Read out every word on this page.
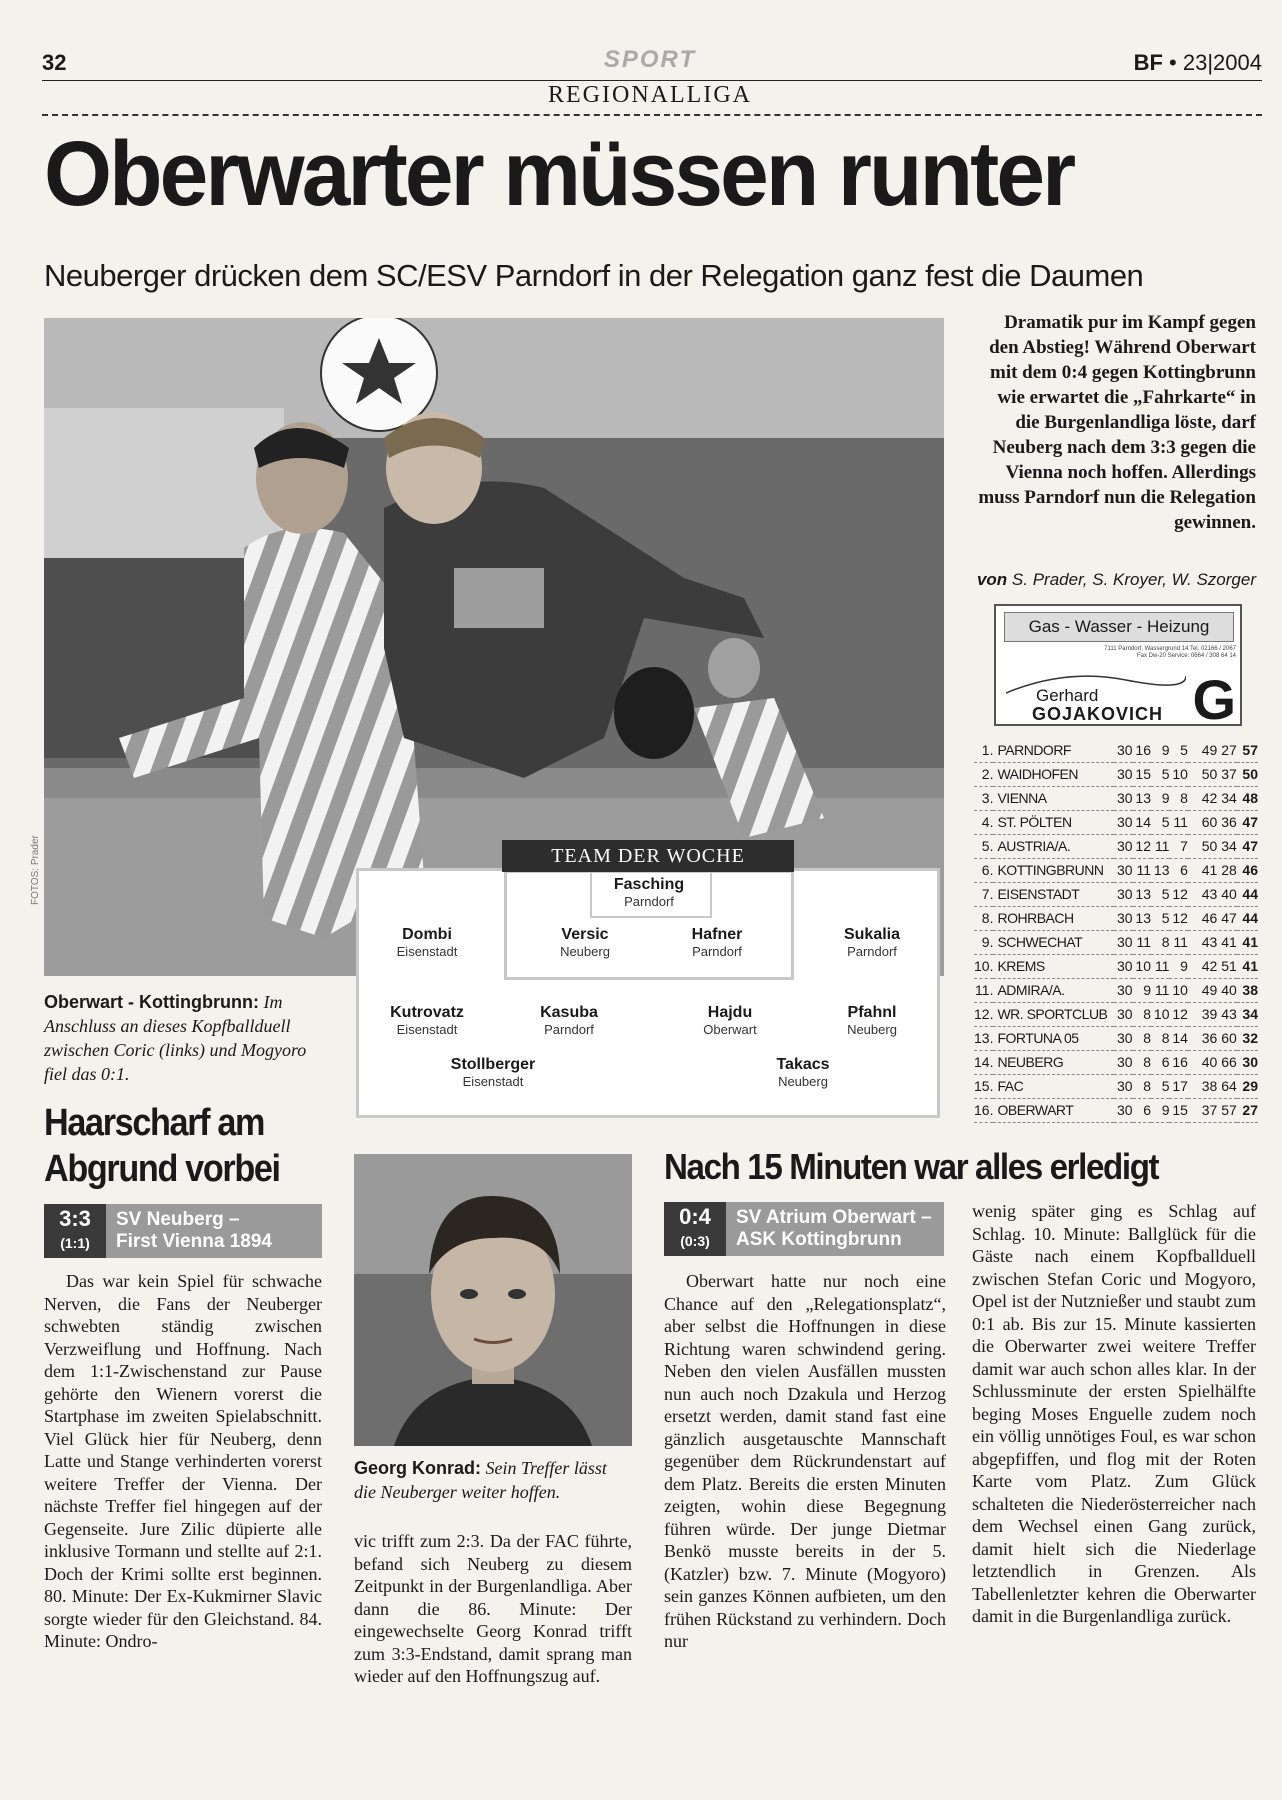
32	SPORT	BF • 23|2004
REGIONALLIGA
Oberwarter müssen runter
Neuberger drücken dem SC/ESV Parndorf in der Relegation ganz fest die Daumen
FOTOS: Prader
Oberwart - Kottingbrunn: Im Anschluss an dieses Kopfballduell zwischen Coric (links) und Mogyoro fiel das 0:1.
Dramatik pur im Kampf gegen den Abstieg! Während Oberwart mit dem 0:4 gegen Kottingbrunn wie erwartet die „Fahrkarte“ in die Burgenlandliga löste, darf Neuberg nach dem 3:3 gegen die Vienna noch hoffen. Allerdings muss Parndorf nun die Relegation gewinnen.
von S. Prader, S. Kroyer, W. Szorger
Gas - Wasser - Heizung
7111 Parndorf, Wassergrund 14 Tel. 02166 / 2067 Fax Dw-20 Service: 0664 / 308 64 14
Gerhard
GOJAKOVICH G
1.	PARNDORF	30	16	9	5	49 27	57
2.	WAIDHOFEN	30	15	5	10	50 37	50
3.	VIENNA	30	13	9	8	42 34	48
4.	ST. PÖLTEN	30	14	5	11	60 36	47
5.	AUSTRIA/A.	30	12	11	7	50 34	47
6.	KOTTINGBRUNN	30	11	13	6	41 28	46
7.	EISENSTADT	30	13	5	12	43 40	44
8.	ROHRBACH	30	13	5	12	46 47	44
9.	SCHWECHAT	30	11	8	11	43 41	41
10.	KREMS	30	10	11	9	42 51	41
11.	ADMIRA/A.	30	9	11	10	49 40	38
12.	WR. SPORTCLUB	30	8	10	12	39 43	34
13.	FORTUNA 05	30	8	8	14	36 60	32
14.	NEUBERG	30	8	6	16	40 66	30
15.	FAC	30	8	5	17	38 64	29
16.	OBERWART	30	6	9	15	37 57	27
TEAM DER WOCHE
Fasching
Parndorf
Dombi
Eisenstadt
Versic
Neuberg
Hafner
Parndorf
Sukalia
Parndorf
Kutrovatz
Eisenstadt
Kasuba
Parndorf
Hajdu
Oberwart
Pfahnl
Neuberg
Stollberger
Eisenstadt
Takacs
Neuberg
Haarscharf am Abgrund vorbei
3:3
(1:1)
SV Neuberg –
First Vienna 1894

Das war kein Spiel für schwache Nerven, die Fans der Neuberger schwebten ständig zwischen Verzweiflung und Hoffnung. Nach dem 1:1-Zwischenstand zur Pause gehörte den Wienern vorerst die Startphase im zweiten Spielabschnitt. Viel Glück hier für Neuberg, denn Latte und Stange verhinderten vorerst weitere Treffer der Vienna. Der nächste Treffer fiel hingegen auf der Gegenseite. Jure Zilic düpierte alle inklusive Tormann und stellte auf 2:1. Doch der Krimi sollte erst beginnen. 80. Minute: Der Ex-Kukmirner Slavic sorgte wieder für den Gleichstand. 84. Minute: Ondro-

Georg Konrad: Sein Treffer lässt die Neuberger weiter hoffen.

vic trifft zum 2:3. Da der FAC führte, befand sich Neuberg zu diesem Zeitpunkt in der Burgenlandliga. Aber dann die 86. Minute: Der eingewechselte Georg Konrad trifft zum 3:3-Endstand, damit sprang man wieder auf den Hoffnungszug auf.

Nach 15 Minuten war alles erledigt
0:4
(0:3)
SV Atrium Oberwart –
ASK Kottingbrunn

Oberwart hatte nur noch eine Chance auf den „Relegationsplatz“, aber selbst die Hoffnungen in diese Richtung waren schwindend gering. Neben den vielen Ausfällen mussten nun auch noch Dzakula und Herzog ersetzt werden, damit stand fast eine gänzlich ausgetauschte Mannschaft gegenüber dem Rückrundenstart auf dem Platz. Bereits die ersten Minuten zeigten, wohin diese Begegnung führen würde. Der junge Dietmar Benkö musste bereits in der 5. (Katzler) bzw. 7. Minute (Mogyoro) sein ganzes Können aufbieten, um den frühen Rückstand zu verhindern. Doch nur

wenig später ging es Schlag auf Schlag. 10. Minute: Ballglück für die Gäste nach einem Kopfballduell zwischen Stefan Coric und Mogyoro, Opel ist der Nutznießer und staubt zum 0:1 ab. Bis zur 15. Minute kassierten die Oberwarter zwei weitere Treffer damit war auch schon alles klar. In der Schlussminute der ersten Spielhälfte beging Moses Enguelle zudem noch ein völlig unnötiges Foul, es war schon abgepfiffen, und flog mit der Roten Karte vom Platz. Zum Glück schalteten die Niederösterreicher nach dem Wechsel einen Gang zurück, damit hielt sich die Niederlage letztendlich in Grenzen. Als Tabellenletzter kehren die Oberwarter damit in die Burgenlandliga zurück.
